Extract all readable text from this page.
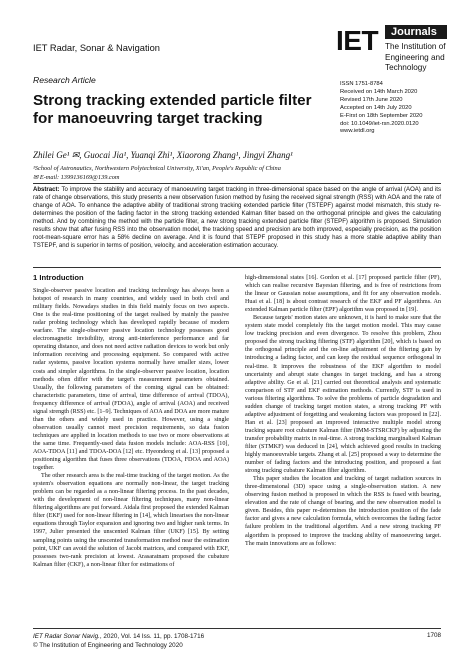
IET Radar, Sonar & Navigation
Research Article
IET Journals
The Institution of
Engineering and Technology
Strong tracking extended particle filter for manoeuvring target tracking
ISSN 1751-8784
Received on 14th March 2020
Revised 17th June 2020
Accepted on 14th July 2020
E-First on 18th September 2020
doi: 10.1049/iet-rsn.2020.0120
www.ietdl.org
Zhilei Ge¹ ✉, Guocai Jia¹, Yuanqi Zhi¹, Xiaorong Zhang¹, Jingyi Zhang¹
¹School of Astronautics, Northwestern Polytechnical University, Xi'an, People's Republic of China
✉ E-mail: 1399136169@139.com
Abstract: To improve the stability and accuracy of manoeuvring target tracking in three-dimensional space based on the angle of arrival (AOA) and its rate of change observations, this study presents a new observation fusion method by fusing the received signal strength (RSS) with AOA and the rate of change of AOA. To enhance the adaptive ability of traditional strong tracking extended particle filter (TSTEPF) against model mismatch, this study re-determines the position of the fading factor in the strong tracking extended Kalman filter based on the orthogonal principle and gives the calculating method. And by combining the method with the particle filter, a new strong tracking extended particle filter (STEPF) algorithm is proposed. Simulation results show that after fusing RSS into the observation model, the tracking speed and precision are both improved, especially precision, as the position root-mean-square error has a 58% decline on average. And it is found that STEPF proposed in this study has a more stable adaptive ability than TSTEPF, and is superior in terms of position, velocity, and acceleration estimation accuracy.
1 Introduction

Single-observer passive location and tracking technology has always been a hotspot of research in many countries, and widely used in both civil and military fields. Nowadays studies in this field mainly focus on two aspects. One is the real-time positioning of the target realised by mainly the passive radar probing technology which has developed rapidly because of modern warfare. The single-observer passive location technology possesses good electromagnetic invisibility, strong anti-interference performance and far operating distance, and does not need active radiation devices to work but only information receiving and processing equipment. So compared with active radar systems, passive location systems normally have smaller sizes, lower costs and simpler algorithms. In the single-observer passive location, location methods often differ with the target's measurement parameters obtained. Usually, the following parameters of the coming signal can be obtained: characteristic parameters, time of arrival, time difference of arrival (TDOA), frequency difference of arrival (FDOA), angle of arrival (AOA) and received signal strength (RSS) etc. [1–9]. Techniques of AOA and DOA are more mature than the others and widely used in practice. However, using a single observation usually cannot meet precision requirements, so data fusion techniques are applied in location methods to use two or more observations at the same time. Frequently-used data fusion models include: AOA-RSS [10], AOA-TDOA [11] and TDOA-DOA [12] etc. Hyeondeog et al. [13] proposed a positioning algorithm that fuses three observations (TDOA, FDOA and AOA) together.

The other research area is the real-time tracking of the target motion. As the system's observation equations are normally non-linear, the target tracking problem can be regarded as a non-linear filtering process. In the past decades, with the development of non-linear filtering techniques, many non-linear filtering algorithms are put forward. Aidala first proposed the extended Kalman filter (EKF) used for non-linear filtering in [14], which linearises the non-linear equations through Taylor expansion and ignoring two and higher rank terms. In 1997, Julier presented the unscented Kalman filter (UKF) [15]. By setting sampling points using the unscented transformation method near the estimation point, UKF can avoid the solution of Jacobi matrices, and compared with EKF, possesses two-rank precision at lowest. Arasaratnam proposed the cubature Kalman filter (CKF), a non-linear filter for estimations of

high-dimensional states [16]. Gordon et al. [17] proposed particle filter (PF), which can realise recursive Bayesian filtering, and is free of restrictions from the linear or Gaussian noise assumptions, and fit for any observation models. Huai et al. [18] is about contrast research of the EKF and PF algorithms. An extended Kalman particle filter (EPF) algorithm was proposed in [19].

Because targets' motion states are unknown, it is hard to make sure that the system state model completely fits the target motion model. This may cause low tracking precision and even divergence. To resolve this problem, Zhou proposed the strong tracking filtering (STF) algorithm [20], which is based on the orthogonal principle and the on-line adjustment of the filtering gain by introducing a fading factor, and can keep the residual sequence orthogonal in real-time. It improves the robustness of the EKF algorithm to model uncertainty and abrupt state changes in target tracking, and has a strong adaptive ability. Ge et al. [21] carried out theoretical analysis and systematic comparison of STF and EKF estimation methods. Currently, STF is used in various filtering algorithms. To solve the problems of particle degradation and sudden change of tracking target motion states, a strong tracking PF with adaptive adjustment of forgetting and weakening factors was proposed in [22]. Han et al. [23] proposed an improved interactive multiple model strong tracking square root cubature Kalman filter (IMM-STSRCKF) by adjusting the transfer probability matrix in real-time. A strong tracking marginalised Kalman filter (STMKF) was deduced in [24], which achieved good results in tracking highly manoeuvrable targets. Zhang et al. [25] proposed a way to determine the number of fading factors and the introducing position, and proposed a fast strong tracking cubature Kalman filter algorithm.

This paper studies the location and tracking of target radiation sources in three-dimensional (3D) space using a single-observation station. A new observing fusion method is proposed in which the RSS is fused with bearing, elevation and the rate of change of bearing, and the new observation model is given. Besides, this paper re-determines the introduction position of the fade factor and gives a new calculation formula, which overcomes the fading factor failure problem in the traditional algorithm. And a new strong tracking PF algorithm is proposed to improve the tracking ability of manoeuvring target. The main innovations are as follows:

IET Radar Sonar Navig., 2020, Vol. 14 Iss. 11, pp. 1708-1716
© The Institution of Engineering and Technology 2020
1708
